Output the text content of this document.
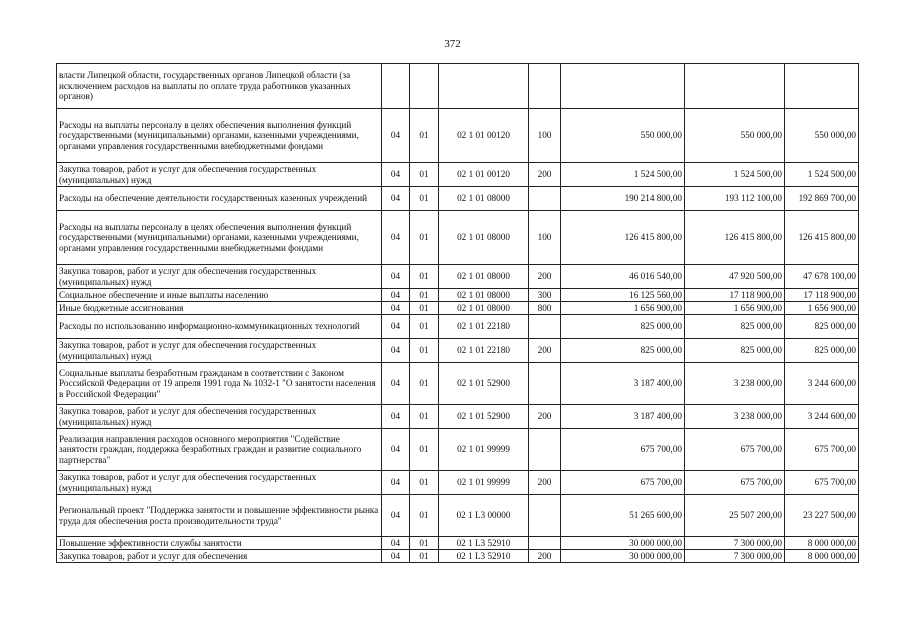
372
власти Липецкой области, государственных органов Липецкой области (за исключением расходов на выплаты по оплате труда работников указанных органов)							
Расходы на выплаты персоналу в целях обеспечения выполнения функций государственными (муниципальными) органами, казенными учреждениями, органами управления государственными внебюджетными фондами	04	01	02 1 01 00120	100	550 000,00	550 000,00	550 000,00
Закупка товаров, работ и услуг для обеспечения государственных (муниципальных) нужд	04	01	02 1 01 00120	200	1 524 500,00	1 524 500,00	1 524 500,00
Расходы на обеспечение деятельности государственных казенных учреждений	04	01	02 1 01 08000		190 214 800,00	193 112 100,00	192 869 700,00
Расходы на выплаты персоналу в целях обеспечения выполнения функций государственными (муниципальными) органами, казенными учреждениями, органами управления государственными внебюджетными фондами	04	01	02 1 01 08000	100	126 415 800,00	126 415 800,00	126 415 800,00
Закупка товаров, работ и услуг для обеспечения государственных (муниципальных) нужд	04	01	02 1 01 08000	200	46 016 540,00	47 920 500,00	47 678 100,00
Социальное обеспечение и иные выплаты населению	04	01	02 1 01 08000	300	16 125 560,00	17 118 900,00	17 118 900,00
Иные бюджетные ассигнования	04	01	02 1 01 08000	800	1 656 900,00	1 656 900,00	1 656 900,00
Расходы по использованию информационно-коммуникационных технологий	04	01	02 1 01 22180		825 000,00	825 000,00	825 000,00
Закупка товаров, работ и услуг для обеспечения государственных (муниципальных) нужд	04	01	02 1 01 22180	200	825 000,00	825 000,00	825 000,00
Социальные выплаты безработным гражданам в соответствии с Законом Российской Федерации от 19 апреля 1991 года № 1032-1 "О занятости населения в Российской Федерации"	04	01	02 1 01 52900		3 187 400,00	3 238 000,00	3 244 600,00
Закупка товаров, работ и услуг для обеспечения государственных (муниципальных) нужд	04	01	02 1 01 52900	200	3 187 400,00	3 238 000,00	3 244 600,00
Реализация направления расходов основного мероприятия "Содействие занятости граждан, поддержка безработных граждан и развитие социального партнерства"	04	01	02 1 01 99999		675 700,00	675 700,00	675 700,00
Закупка товаров, работ и услуг для обеспечения государственных (муниципальных) нужд	04	01	02 1 01 99999	200	675 700,00	675 700,00	675 700,00
Региональный проект "Поддержка занятости и повышение эффективности рынка труда для обеспечения роста производительности труда"	04	01	02 1 L3 00000		51 265 600,00	25 507 200,00	23 227 500,00
Повышение эффективности службы занятости	04	01	02 1 L3 52910		30 000 000,00	7 300 000,00	8 000 000,00
Закупка товаров, работ и услуг для обеспечения	04	01	02 1 L3 52910	200	30 000 000,00	7 300 000,00	8 000 000,00
